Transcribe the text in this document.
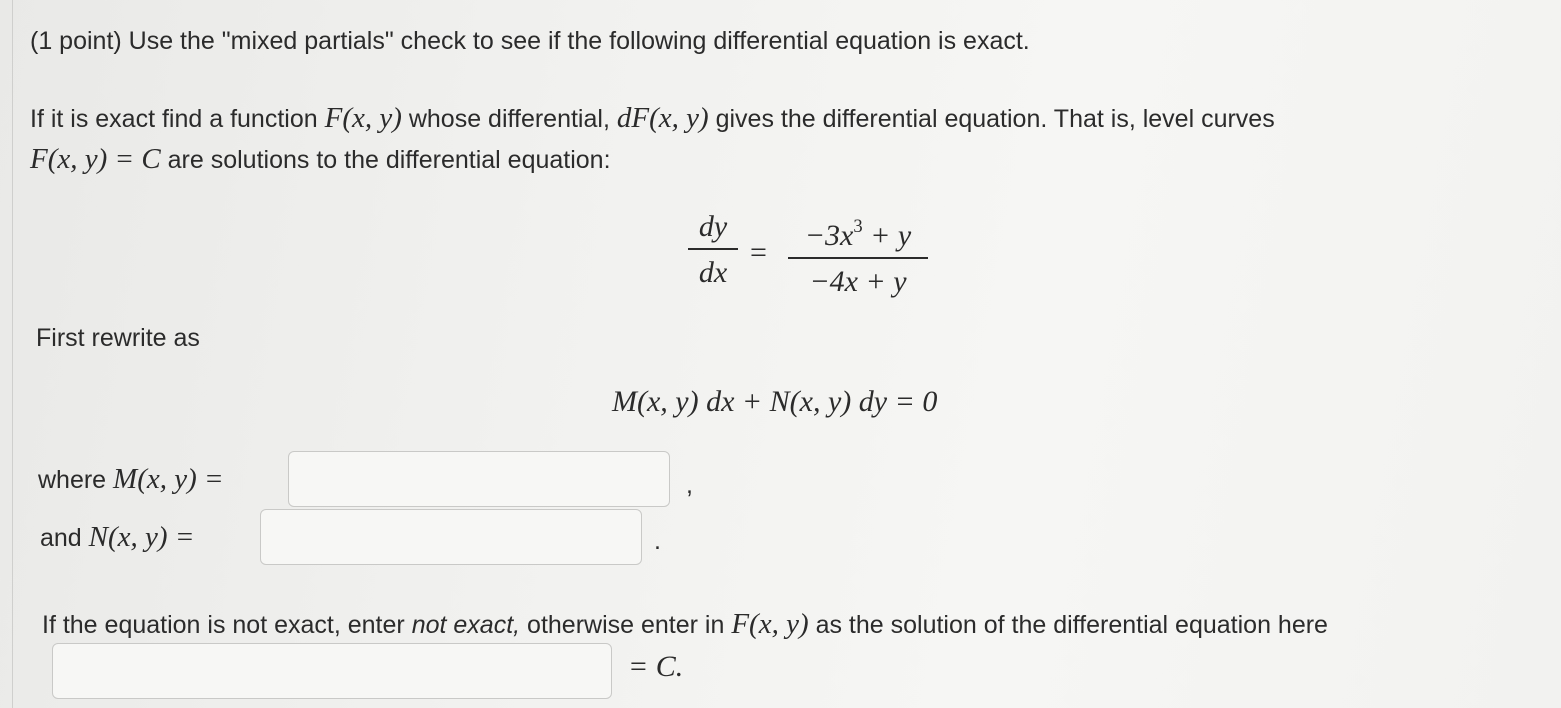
(1 point) Use the "mixed partials" check to see if the following differential equation is exact.
If it is exact find a function F(x, y) whose differential, dF(x, y) gives the differential equation. That is, level curves
F(x, y) = C are solutions to the differential equation:
dy
dx
=
$-3x^3 + y$
−4x + y
First rewrite as
M(x, y) dx + N(x, y) dy = 0
where M(x, y) =	,
and N(x, y) =	.
If the equation is not exact, enter not exact, otherwise enter in F(x, y) as the solution of the differential equation here
= C.
